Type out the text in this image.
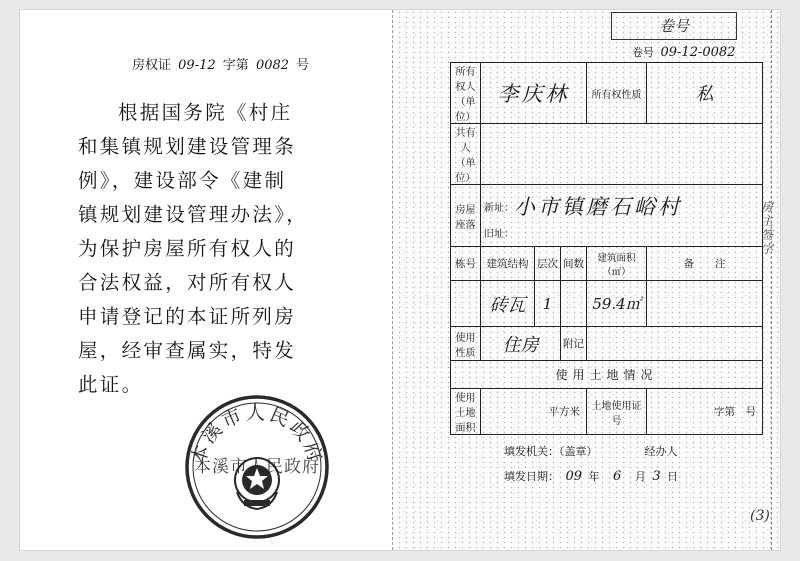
房权证 09-12 字第 0082 号
根据国务院《村庄
和集镇规划建设管理条
例》，建设部令《建制
镇规划建设管理办法》，
为保护房屋所有权人的
合法权益，对所有权人
申请登记的本证所列房
屋，经审查属实，特发
此证。
本溪市人民政府
本溪市人民政府
卷号
卷号 09-12-0082
所有权人（单位）	李庆林			所有权性质	私
共有人（单位）					
房屋座落	新址： 小市镇磨石峪村
旧址：				

栋号	建筑结构	层次	间数	建筑面积（㎡）	备　　注
	砖瓦	1		59.4㎡	
使用性质	住房		附记		
使用土地情况					
使用土地面积	平方米			土地使用证号	字第　号
填发机关：（盖章）	经办人
填发日期： 09 年 6 月 3 日
房主签字
(3)
